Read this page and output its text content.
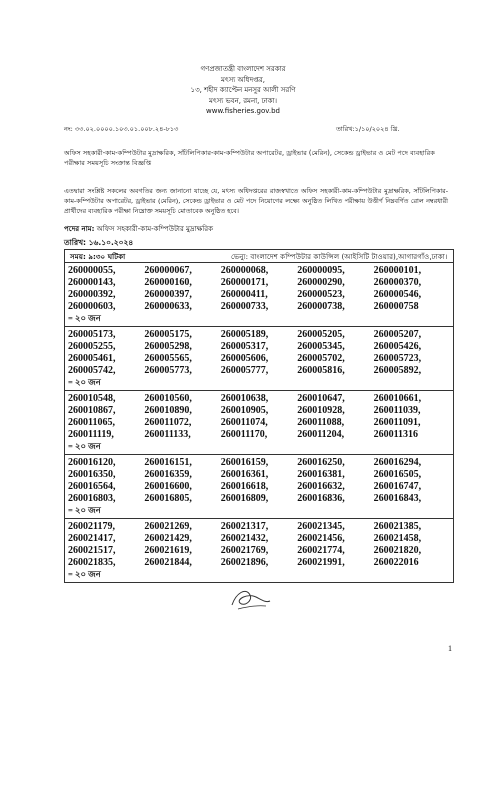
গণপ্রজাতন্ত্রী বাংলাদেশ সরকার
মৎস্য অধিদপ্তর,
১৩, শহীদ ক্যাপ্টেন মনসুর আলী সরণি
মৎস্য ভবন, রমনা, ঢাকা।
www.fisheries.gov.bd
নং: ৩৩.০২.০০০০.১০৩.০১.০০৮.২৪-৮১৩	তারিখ:১/১০/২০২৪ খ্রি.
অফিস সহকারী-কাম-কম্পিউটার মুদ্রাক্ষরিক, সাঁটলিপিকার-কাম-কম্পিউটার অপারেটর, ড্রাইভার (মেরিন), সেকেন্ড ড্রাইভার ও মেট পদে ব্যবহারিক পরীক্ষার সময়সূচি সংক্রান্ত বিজ্ঞপ্তি
এতদ্বারা সংশ্লিষ্ট সকলের অবগতির জন্য জানানো যাচ্ছে যে, মৎস্য অধিদপ্তরের রাজস্বখাতে অফিস সহকারী-কাম-কম্পিউটার মুদ্রাক্ষরিক, সাঁটলিপিকার-কাম-কম্পিউটার অপারেটর, ড্রাইভার (মেরিন), সেকেন্ড ড্রাইভার ও মেট পদে নিয়োগের লক্ষ্যে অনুষ্ঠিত লিখিত পরীক্ষায় উত্তীর্ণ নিম্নবর্ণিত রোল নম্বরধারী প্রার্থীদের ব্যবহারিক পরীক্ষা নিম্নোক্ত সময়সূচি মোতাবেক অনুষ্ঠিত হবে।
পদের নাম: অফিস সহকারী-কাম-কম্পিউটার মুদ্রাক্ষরিক
তারিখ: ১৬.১০.২০২৪
সময়: ৯:৩০ ঘটিকা	ভেন্যু: বাংলাদেশ কম্পিউটার কাউন্সিল (আইসিটি টাওয়ার),আগারগাঁও,ঢাকা।
260000055,	260000067,	260000068,	260000095,	260000101,
260000143,	260000160,	260000171,	260000290,	260000370,
260000392,	260000397,	260000411,	260000523,	260000546,
260000603,	260000633,	260000733,	260000738,	260000758
= ২০ জন

260005173,	260005175,	260005189,	260005205,	260005207,
260005255,	260005298,	260005317,	260005345,	260005426,
260005461,	260005565,	260005606,	260005702,	260005723,
260005742,	260005773,	260005777,	260005816,	260005892,
= ২০ জন

260010548,	260010560,	260010638,	260010647,	260010661,
260010867,	260010890,	260010905,	260010928,	260011039,
260011065,	260011072,	260011074,	260011088,	260011091,
260011119,	260011133,	260011170,	260011204,	260011316
= ২০ জন

260016120,	260016151,	260016159,	260016250,	260016294,
260016350,	260016359,	260016361,	260016381,	260016505,
260016564,	260016600,	260016618,	260016632,	260016747,
260016803,	260016805,	260016809,	260016836,	260016843,
= ২০ জন

260021179,	260021269,	260021317,	260021345,	260021385,
260021417,	260021429,	260021432,	260021456,	260021458,
260021517,	260021619,	260021769,	260021774,	260021820,
260021835,	260021844,	260021896,	260021991,	260022016
= ২০ জন
1
